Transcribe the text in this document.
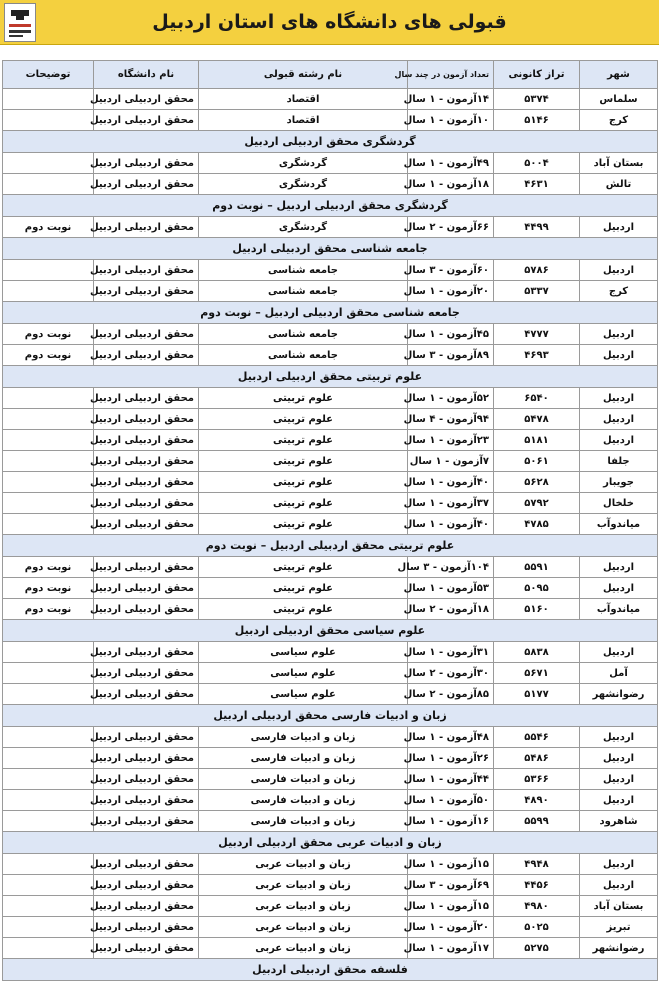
قبولی های دانشگاه های استان اردبیل
شهر	تراز کانونی	تعداد آزمون در چند سال	نام رشته قبولی	نام دانشگاه	توضیحات
سلماس	۵۳۷۴	۱۴آزمون - ۱ سال	اقتصاد	محقق اردبیلی اردبیل	
کرج	۵۱۴۶	۱۰آزمون - ۱ سال	اقتصاد	محقق اردبیلی اردبیل	
گردشگری محقق اردبیلی اردبیل					
بستان آباد	۵۰۰۴	۴۹آزمون - ۱ سال	گردشگری	محقق اردبیلی اردبیل	
تالش	۴۶۳۱	۱۸آزمون - ۱ سال	گردشگری	محقق اردبیلی اردبیل	
گردشگری محقق اردبیلی اردبیل – نوبت دوم					
اردبیل	۴۴۹۹	۶۶آزمون - ۲ سال	گردشگری	محقق اردبیلی اردبیل	نوبت دوم
جامعه شناسی محقق اردبیلی اردبیل					
اردبیل	۵۷۸۶	۶۰آزمون - ۳ سال	جامعه شناسی	محقق اردبیلی اردبیل	
کرج	۵۳۳۷	۲۰آزمون - ۱ سال	جامعه شناسی	محقق اردبیلی اردبیل	
جامعه شناسی محقق اردبیلی اردبیل – نوبت دوم					
اردبیل	۴۷۷۷	۴۵آزمون - ۱ سال	جامعه شناسی	محقق اردبیلی اردبیل	نوبت دوم
اردبیل	۴۶۹۳	۸۹آزمون - ۳ سال	جامعه شناسی	محقق اردبیلی اردبیل	نوبت دوم
علوم تربیتی محقق اردبیلی اردبیل					
اردبیل	۶۵۴۰	۵۲آزمون - ۱ سال	علوم تربیتی	محقق اردبیلی اردبیل	
اردبیل	۵۴۷۸	۹۴آزمون - ۴ سال	علوم تربیتی	محقق اردبیلی اردبیل	
اردبیل	۵۱۸۱	۲۳آزمون - ۱ سال	علوم تربیتی	محقق اردبیلی اردبیل	
جلفا	۵۰۶۱	۷آزمون - ۱ سال	علوم تربیتی	محقق اردبیلی اردبیل	
جویبار	۵۶۲۸	۴۰آزمون - ۱ سال	علوم تربیتی	محقق اردبیلی اردبیل	
خلخال	۵۷۹۲	۳۷آزمون - ۱ سال	علوم تربیتی	محقق اردبیلی اردبیل	
میاندوآب	۴۷۸۵	۴۰آزمون - ۱ سال	علوم تربیتی	محقق اردبیلی اردبیل	
علوم تربیتی محقق اردبیلی اردبیل – نوبت دوم					
اردبیل	۵۵۹۱	۱۰۴آزمون - ۳ سال	علوم تربیتی	محقق اردبیلی اردبیل	نوبت دوم
اردبیل	۵۰۹۵	۵۳آزمون - ۱ سال	علوم تربیتی	محقق اردبیلی اردبیل	نوبت دوم
میاندوآب	۵۱۶۰	۱۸آزمون - ۲ سال	علوم تربیتی	محقق اردبیلی اردبیل	نوبت دوم
علوم سیاسی محقق اردبیلی اردبیل					
اردبیل	۵۸۳۸	۳۱آزمون - ۱ سال	علوم سیاسی	محقق اردبیلی اردبیل	
آمل	۵۶۷۱	۳۰آزمون - ۲ سال	علوم سیاسی	محقق اردبیلی اردبیل	
رضوانشهر	۵۱۷۷	۸۵آزمون - ۲ سال	علوم سیاسی	محقق اردبیلی اردبیل	
زبان و ادبیات فارسی محقق اردبیلی اردبیل					
اردبیل	۵۵۴۶	۴۸آزمون - ۱ سال	زبان و ادبیات فارسی	محقق اردبیلی اردبیل	
اردبیل	۵۴۸۶	۲۶آزمون - ۱ سال	زبان و ادبیات فارسی	محقق اردبیلی اردبیل	
اردبیل	۵۳۶۶	۴۴آزمون - ۱ سال	زبان و ادبیات فارسی	محقق اردبیلی اردبیل	
اردبیل	۴۸۹۰	۵۰آزمون - ۱ سال	زبان و ادبیات فارسی	محقق اردبیلی اردبیل	
شاهرود	۵۵۹۹	۱۶آزمون - ۱ سال	زبان و ادبیات فارسی	محقق اردبیلی اردبیل	
زبان و ادبیات عربی محقق اردبیلی اردبیل					
اردبیل	۴۹۴۸	۱۵آزمون - ۱ سال	زبان و ادبیات عربی	محقق اردبیلی اردبیل	
اردبیل	۴۴۵۶	۶۹آزمون - ۳ سال	زبان و ادبیات عربی	محقق اردبیلی اردبیل	
بستان آباد	۴۹۸۰	۱۵آزمون - ۱ سال	زبان و ادبیات عربی	محقق اردبیلی اردبیل	
تبریز	۵۰۲۵	۲۰آزمون - ۱ سال	زبان و ادبیات عربی	محقق اردبیلی اردبیل	
رضوانشهر	۵۲۷۵	۱۷آزمون - ۱ سال	زبان و ادبیات عربی	محقق اردبیلی اردبیل	
فلسفه محقق اردبیلی اردبیل					
